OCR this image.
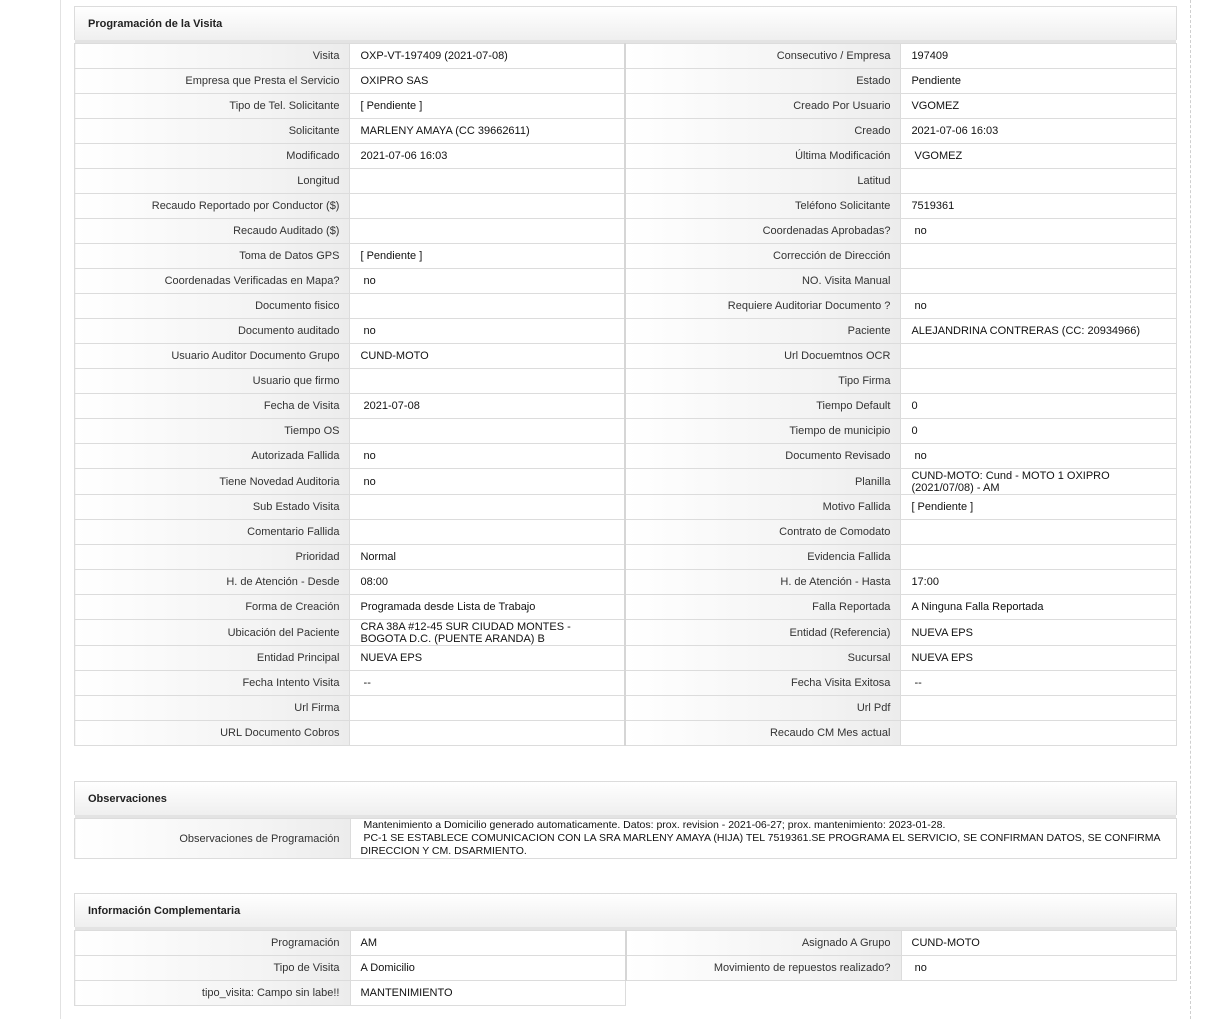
Programación de la Visita
Visita	OXP-VT-197409 (2021-07-08)	Consecutivo / Empresa	197409
Empresa que Presta el Servicio	OXIPRO SAS	Estado	Pendiente
Tipo de Tel. Solicitante	[ Pendiente ]	Creado Por Usuario	VGOMEZ
Solicitante	MARLENY AMAYA (CC 39662611)	Creado	2021-07-06 16:03
Modificado	2021-07-06 16:03	Última Modificación	VGOMEZ
Longitud		Latitud	
Recaudo Reportado por Conductor ($)		Teléfono Solicitante	7519361
Recaudo Auditado ($)		Coordenadas Aprobadas?	no
Toma de Datos GPS	[ Pendiente ]	Corrección de Dirección	
Coordenadas Verificadas en Mapa?	no	NO. Visita Manual	
Documento fisico		Requiere Auditoriar Documento ?	no
Documento auditado	no	Paciente	ALEJANDRINA CONTRERAS (CC: 20934966)
Usuario Auditor Documento Grupo	CUND-MOTO	Url Docuemtnos OCR	
Usuario que firmo		Tipo Firma	
Fecha de Visita	2021-07-08	Tiempo Default	0
Tiempo OS		Tiempo de municipio	0
Autorizada Fallida	no	Documento Revisado	no
Tiene Novedad Auditoria	no	Planilla	CUND-MOTO: Cund - MOTO 1 OXIPRO (2021/07/08) - AM
Sub Estado Visita		Motivo Fallida	[ Pendiente ]
Comentario Fallida		Contrato de Comodato	
Prioridad	Normal	Evidencia Fallida	
H. de Atención - Desde	08:00	H. de Atención - Hasta	17:00
Forma de Creación	Programada desde Lista de Trabajo	Falla Reportada	A Ninguna Falla Reportada
Ubicación del Paciente	CRA 38A #12-45 SUR CIUDAD MONTES - BOGOTA D.C. (PUENTE ARANDA) B	Entidad (Referencia)	NUEVA EPS
Entidad Principal	NUEVA EPS	Sucursal	NUEVA EPS
Fecha Intento Visita	--	Fecha Visita Exitosa	--
Url Firma		Url Pdf	
URL Documento Cobros		Recaudo CM Mes actual	
Observaciones
Observaciones de Programación	
Mantenimiento a Domicilio generado automaticamente. Datos: prox. revision - 2021-06-27; prox. mantenimiento: 2023-01-28.
PC-1 SE ESTABLECE COMUNICACION CON LA SRA MARLENY AMAYA (HIJA) TEL 7519361.SE PROGRAMA EL SERVICIO, SE CONFIRMAN DATOS, SE CONFIRMA DIRECCION Y CM. DSARMIENTO.
Información Complementaria
Programación	AM	Asignado A Grupo	CUND-MOTO
Tipo de Visita	A Domicilio	Movimiento de repuestos realizado?	no
tipo_visita: Campo sin labe!!	MANTENIMIENTO		
